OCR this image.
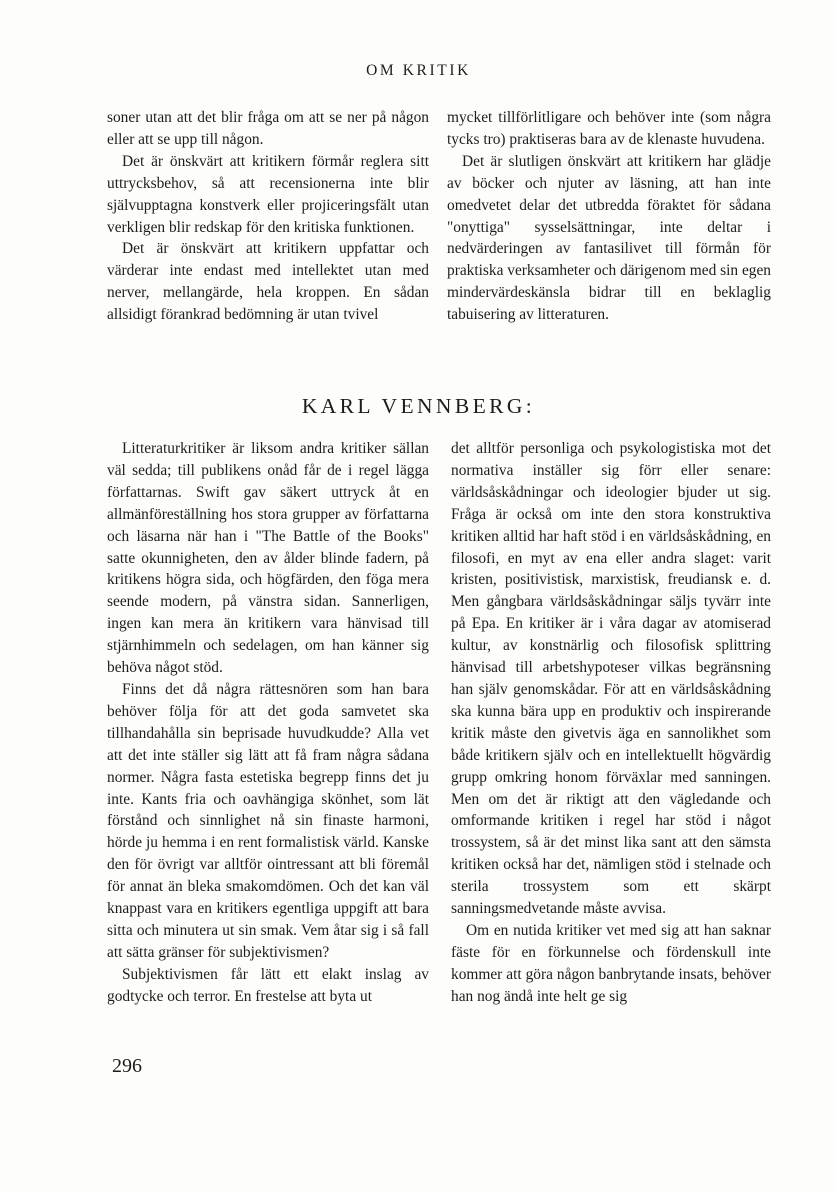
OM KRITIK

soner utan att det blir fråga om att se ner på någon eller att se upp till någon.

Det är önskvärt att kritikern förmår reglera sitt uttrycksbehov, så att recensionerna inte blir självupptagna konstverk eller projiceringsfält utan verkligen blir redskap för den kritiska funktionen.

Det är önskvärt att kritikern uppfattar och värderar inte endast med intellektet utan med nerver, mellangärde, hela kroppen. En sådan allsidigt förankrad bedömning är utan tvivel

mycket tillförlitligare och behöver inte (som några tycks tro) praktiseras bara av de klenaste huvudena.

Det är slutligen önskvärt att kritikern har glädje av böcker och njuter av läsning, att han inte omedvetet delar det utbredda föraktet för sådana "onyttiga" sysselsättningar, inte deltar i nedvärderingen av fantasilivet till förmån för praktiska verksamheter och därigenom med sin egen mindervärdeskänsla bidrar till en beklaglig tabuisering av litteraturen.

KARL VENNBERG:

Litteraturkritiker är liksom andra kritiker sällan väl sedda; till publikens onåd får de i regel lägga författarnas. Swift gav säkert uttryck åt en allmänföreställning hos stora grupper av författarna och läsarna när han i "The Battle of the Books" satte okunnigheten, den av ålder blinde fadern, på kritikens högra sida, och högfärden, den föga mera seende modern, på vänstra sidan. Sannerligen, ingen kan mera än kritikern vara hänvisad till stjärnhimmeln och sedelagen, om han känner sig behöva något stöd.

Finns det då några rättesnören som han bara behöver följa för att det goda samvetet ska tillhandahålla sin beprisade huvudkudde? Alla vet att det inte ställer sig lätt att få fram några sådana normer. Några fasta estetiska begrepp finns det ju inte. Kants fria och oavhängiga skönhet, som lät förstånd och sinnlighet nå sin finaste harmoni, hörde ju hemma i en rent formalistisk värld. Kanske den för övrigt var alltför ointressant att bli föremål för annat än bleka smakomdömen. Och det kan väl knappast vara en kritikers egentliga uppgift att bara sitta och minutera ut sin smak. Vem åtar sig i så fall att sätta gränser för subjektivismen?

Subjektivismen får lätt ett elakt inslag av godtycke och terror. En frestelse att byta ut

det alltför personliga och psykologistiska mot det normativa inställer sig förr eller senare: världsåskådningar och ideologier bjuder ut sig. Fråga är också om inte den stora konstruktiva kritiken alltid har haft stöd i en världsåskådning, en filosofi, en myt av ena eller andra slaget: varit kristen, positivistisk, marxistisk, freudiansk e. d. Men gångbara världsåskådningar säljs tyvärr inte på Epa. En kritiker är i våra dagar av atomiserad kultur, av konstnärlig och filosofisk splittring hänvisad till arbetshypoteser vilkas begränsning han själv genomskådar. För att en världsåskådning ska kunna bära upp en produktiv och inspirerande kritik måste den givetvis äga en sannolikhet som både kritikern själv och en intellektuellt högvärdig grupp omkring honom förväxlar med sanningen. Men om det är riktigt att den vägledande och omformande kritiken i regel har stöd i något trossystem, så är det minst lika sant att den sämsta kritiken också har det, nämligen stöd i stelnade och sterila trossystem som ett skärpt sanningsmedvetande måste avvisa.

Om en nutida kritiker vet med sig att han saknar fäste för en förkunnelse och fördenskull inte kommer att göra någon banbrytande insats, behöver han nog ändå inte helt ge sig

296
